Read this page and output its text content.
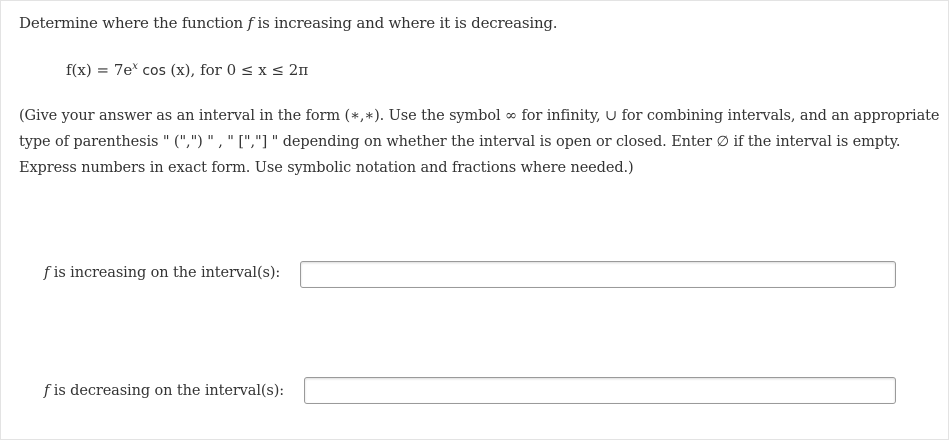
Determine where the function f is increasing and where it is decreasing.
$f(x) = 7e^x$ cos (x), for 0 ≤ x ≤ 2π
(Give your answer as an interval in the form (∗,∗). Use the symbol ∞ for infinity, ∪ for combining intervals, and an appropriate type of parenthesis " (",") " , " [","] " depending on whether the interval is open or closed. Enter ∅ if the interval is empty. Express numbers in exact form. Use symbolic notation and fractions where needed.)
f is increasing on the interval(s):
f is decreasing on the interval(s):
